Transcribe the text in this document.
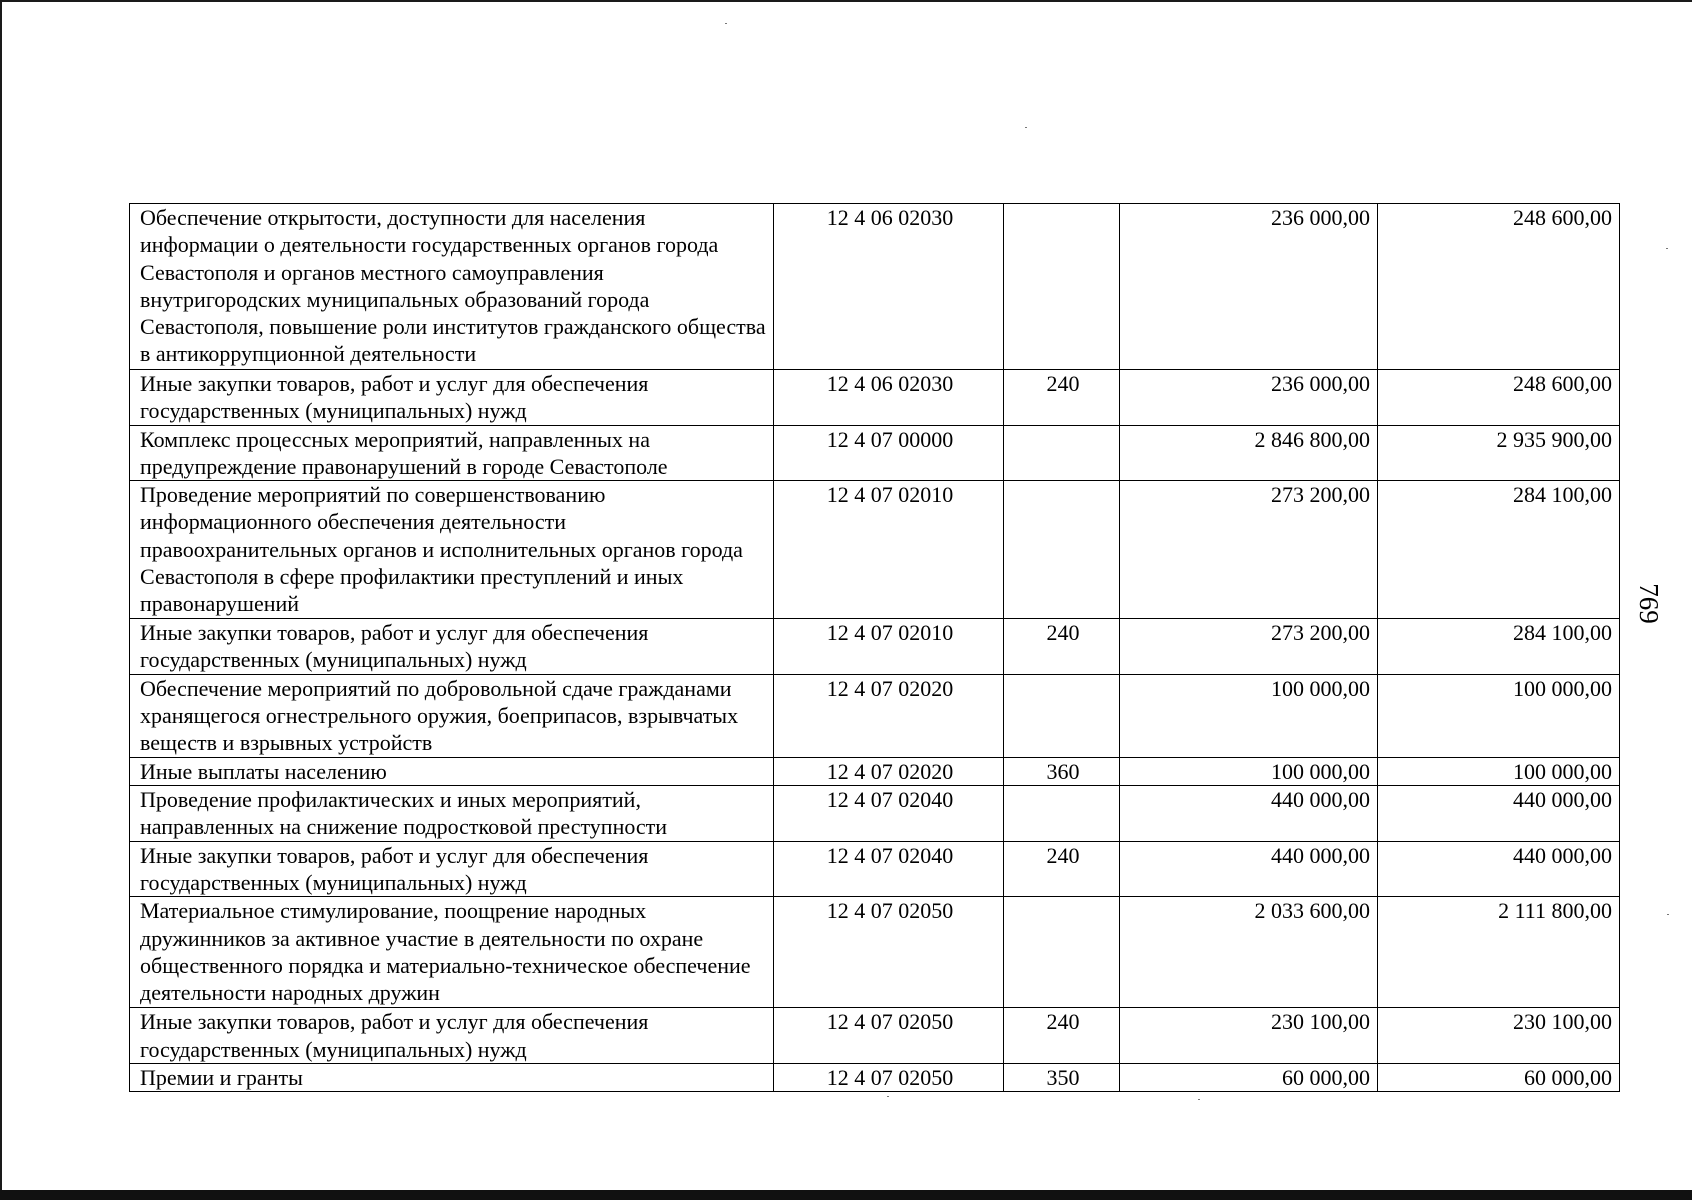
Обеспечение открытости, доступности для населения информации о деятельности государственных органов города Севастополя и органов местного самоуправления внутригородских муниципальных образований города Севастополя, повышение роли институтов гражданского общества в антикоррупционной деятельности	12 4 06 02030		236 000,00	248 600,00
Иные закупки товаров, работ и услуг для обеспечения государственных (муниципальных) нужд	12 4 06 02030	240	236 000,00	248 600,00
Комплекс процессных мероприятий, направленных на предупреждение правонарушений в городе Севастополе	12 4 07 00000		2 846 800,00	2 935 900,00
Проведение мероприятий по совершенствованию информационного обеспечения деятельности правоохранительных органов и исполнительных органов города Севастополя в сфере профилактики преступлений и иных правонарушений	12 4 07 02010		273 200,00	284 100,00
Иные закупки товаров, работ и услуг для обеспечения государственных (муниципальных) нужд	12 4 07 02010	240	273 200,00	284 100,00
Обеспечение мероприятий по добровольной сдаче гражданами хранящегося огнестрельного оружия, боеприпасов, взрывчатых веществ и взрывных устройств	12 4 07 02020		100 000,00	100 000,00
Иные выплаты населению	12 4 07 02020	360	100 000,00	100 000,00
Проведение профилактических и иных мероприятий, направленных на снижение подростковой преступности	12 4 07 02040		440 000,00	440 000,00
Иные закупки товаров, работ и услуг для обеспечения государственных (муниципальных) нужд	12 4 07 02040	240	440 000,00	440 000,00
Материальное стимулирование, поощрение народных дружинников за активное участие в деятельности по охране общественного порядка и материально-техническое обеспечение деятельности народных дружин	12 4 07 02050		2 033 600,00	2 111 800,00
Иные закупки товаров, работ и услуг для обеспечения государственных (муниципальных) нужд	12 4 07 02050	240	230 100,00	230 100,00
Премии и гранты	12 4 07 02050	350	60 000,00	60 000,00
769
